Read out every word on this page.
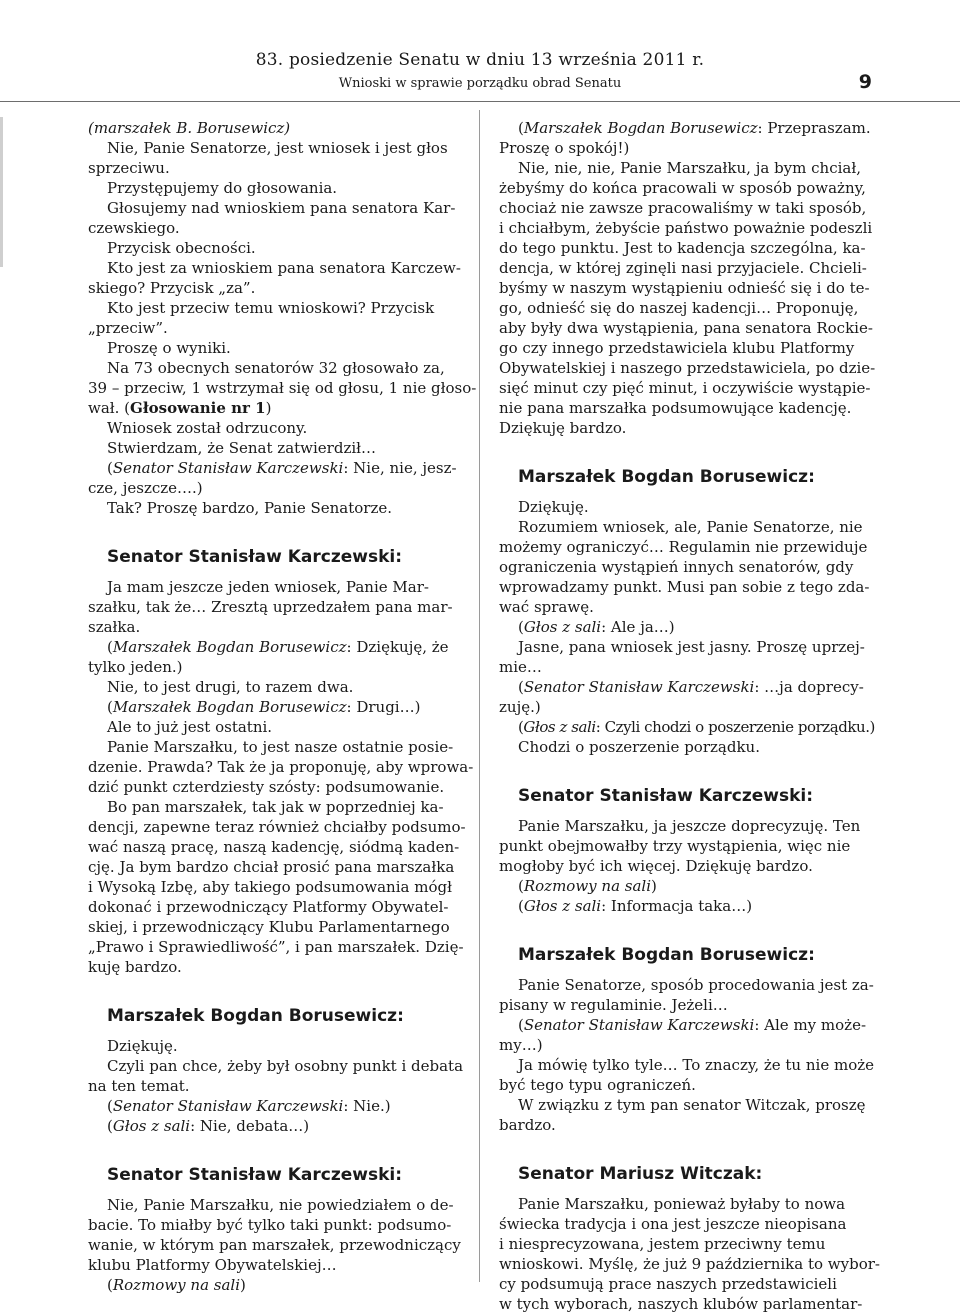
83. posiedzenie Senatu w dniu 13 września 2011 r.
Wnioski w sprawie porządku obrad Senatu	9

(marszałek B. Borusewicz)

Nie, Panie Senatorze, jest wniosek i jest głos

sprzeciwu.

Przystępujemy do głosowania.

Głosujemy nad wnioskiem pana senatora Kar-

czewskiego.

Przycisk obecności.

Kto jest za wnioskiem pana senatora Karczew-

skiego? Przycisk „za”.

Kto jest przeciw temu wnioskowi? Przycisk

„przeciw”.

Proszę o wyniki.

Na 73 obecnych senatorów 32 głosowało za,

39 – przeciw, 1 wstrzymał się od głosu, 1 nie głoso-

wał. (Głosowanie nr 1)

Wniosek został odrzucony.

Stwierdzam, że Senat zatwierdził…

(Senator Stanisław Karczewski: Nie, nie, jesz-

cze, jeszcze….)

Tak? Proszę bardzo, Panie Senatorze.

Senator Stanisław Karczewski:

Ja mam jeszcze jeden wniosek, Panie Mar-

szałku, tak że… Zresztą uprzedzałem pana mar-

szałka.

(Marszałek Bogdan Borusewicz: Dziękuję, że

tylko jeden.)

Nie, to jest drugi, to razem dwa.

(Marszałek Bogdan Borusewicz: Drugi…)

Ale to już jest ostatni.

Panie Marszałku, to jest nasze ostatnie posie-

dzenie. Prawda? Tak że ja proponuję, aby wprowa-

dzić punkt czterdziesty szósty: podsumowanie.

Bo pan marszałek, tak jak w poprzedniej ka-

dencji, zapewne teraz również chciałby podsumo-

wać naszą pracę, naszą kadencję, siódmą kaden-

cję. Ja bym bardzo chciał prosić pana marszałka

i Wysoką Izbę, aby takiego podsumowania mógł

dokonać i przewodniczący Platformy Obywatel-

skiej, i przewodniczący Klubu Parlamentarnego

„Prawo i Sprawiedliwość”, i pan marszałek. Dzię-

kuję bardzo.

Marszałek Bogdan Borusewicz:

Dziękuję.

Czyli pan chce, żeby był osobny punkt i debata

na ten temat.

(Senator Stanisław Karczewski: Nie.)

(Głos z sali: Nie, debata…)

Senator Stanisław Karczewski:

Nie, Panie Marszałku, nie powiedziałem o de-

bacie. To miałby być tylko taki punkt: podsumo-

wanie, w którym pan marszałek, przewodniczący

klubu Platformy Obywatelskiej…

(Rozmowy na sali)

(Marszałek Bogdan Borusewicz: Przepraszam.

Proszę o spokój!)

Nie, nie, nie, Panie Marszałku, ja bym chciał,

żebyśmy do końca pracowali w sposób poważny,

chociaż nie zawsze pracowaliśmy w taki sposób,

i chciałbym, żebyście państwo poważnie podeszli

do tego punktu. Jest to kadencja szczególna, ka-

dencja, w której zginęli nasi przyjaciele. Chcieli-

byśmy w naszym wystąpieniu odnieść się i do te-

go, odnieść się do naszej kadencji… Proponuję,

aby były dwa wystąpienia, pana senatora Rockie-

go czy innego przedstawiciela klubu Platformy

Obywatelskiej i naszego przedstawiciela, po dzie-

sięć minut czy pięć minut, i oczywiście wystąpie-

nie pana marszałka podsumowujące kadencję.

Dziękuję bardzo.

Marszałek Bogdan Borusewicz:

Dziękuję.

Rozumiem wniosek, ale, Panie Senatorze, nie

możemy ograniczyć… Regulamin nie przewiduje

ograniczenia wystąpień innych senatorów, gdy

wprowadzamy punkt. Musi pan sobie z tego zda-

wać sprawę.

(Głos z sali: Ale ja…)

Jasne, pana wniosek jest jasny. Proszę uprzej-

mie…

(Senator Stanisław Karczewski: …ja doprecy-

zuję.)

(Głos z sali: Czyli chodzi o poszerzenie porządku.)

Chodzi o poszerzenie porządku.

Senator Stanisław Karczewski:

Panie Marszałku, ja jeszcze doprecyzuję. Ten

punkt obejmowałby trzy wystąpienia, więc nie

mogłoby być ich więcej. Dziękuję bardzo.

(Rozmowy na sali)

(Głos z sali: Informacja taka…)

Marszałek Bogdan Borusewicz:

Panie Senatorze, sposób procedowania jest za-

pisany w regulaminie. Jeżeli…

(Senator Stanisław Karczewski: Ale my może-

my…)

Ja mówię tylko tyle… To znaczy, że tu nie może

być tego typu ograniczeń.

W związku z tym pan senator Witczak, proszę

bardzo.

Senator Mariusz Witczak:

Panie Marszałku, ponieważ byłaby to nowa

świecka tradycja i ona jest jeszcze nieopisana

i niesprecyzowana, jestem przeciwny temu

wnioskowi. Myślę, że już 9 października to wybor-

cy podsumują prace naszych przedstawicieli

w tych wyborach, naszych klubów parlamentar-
